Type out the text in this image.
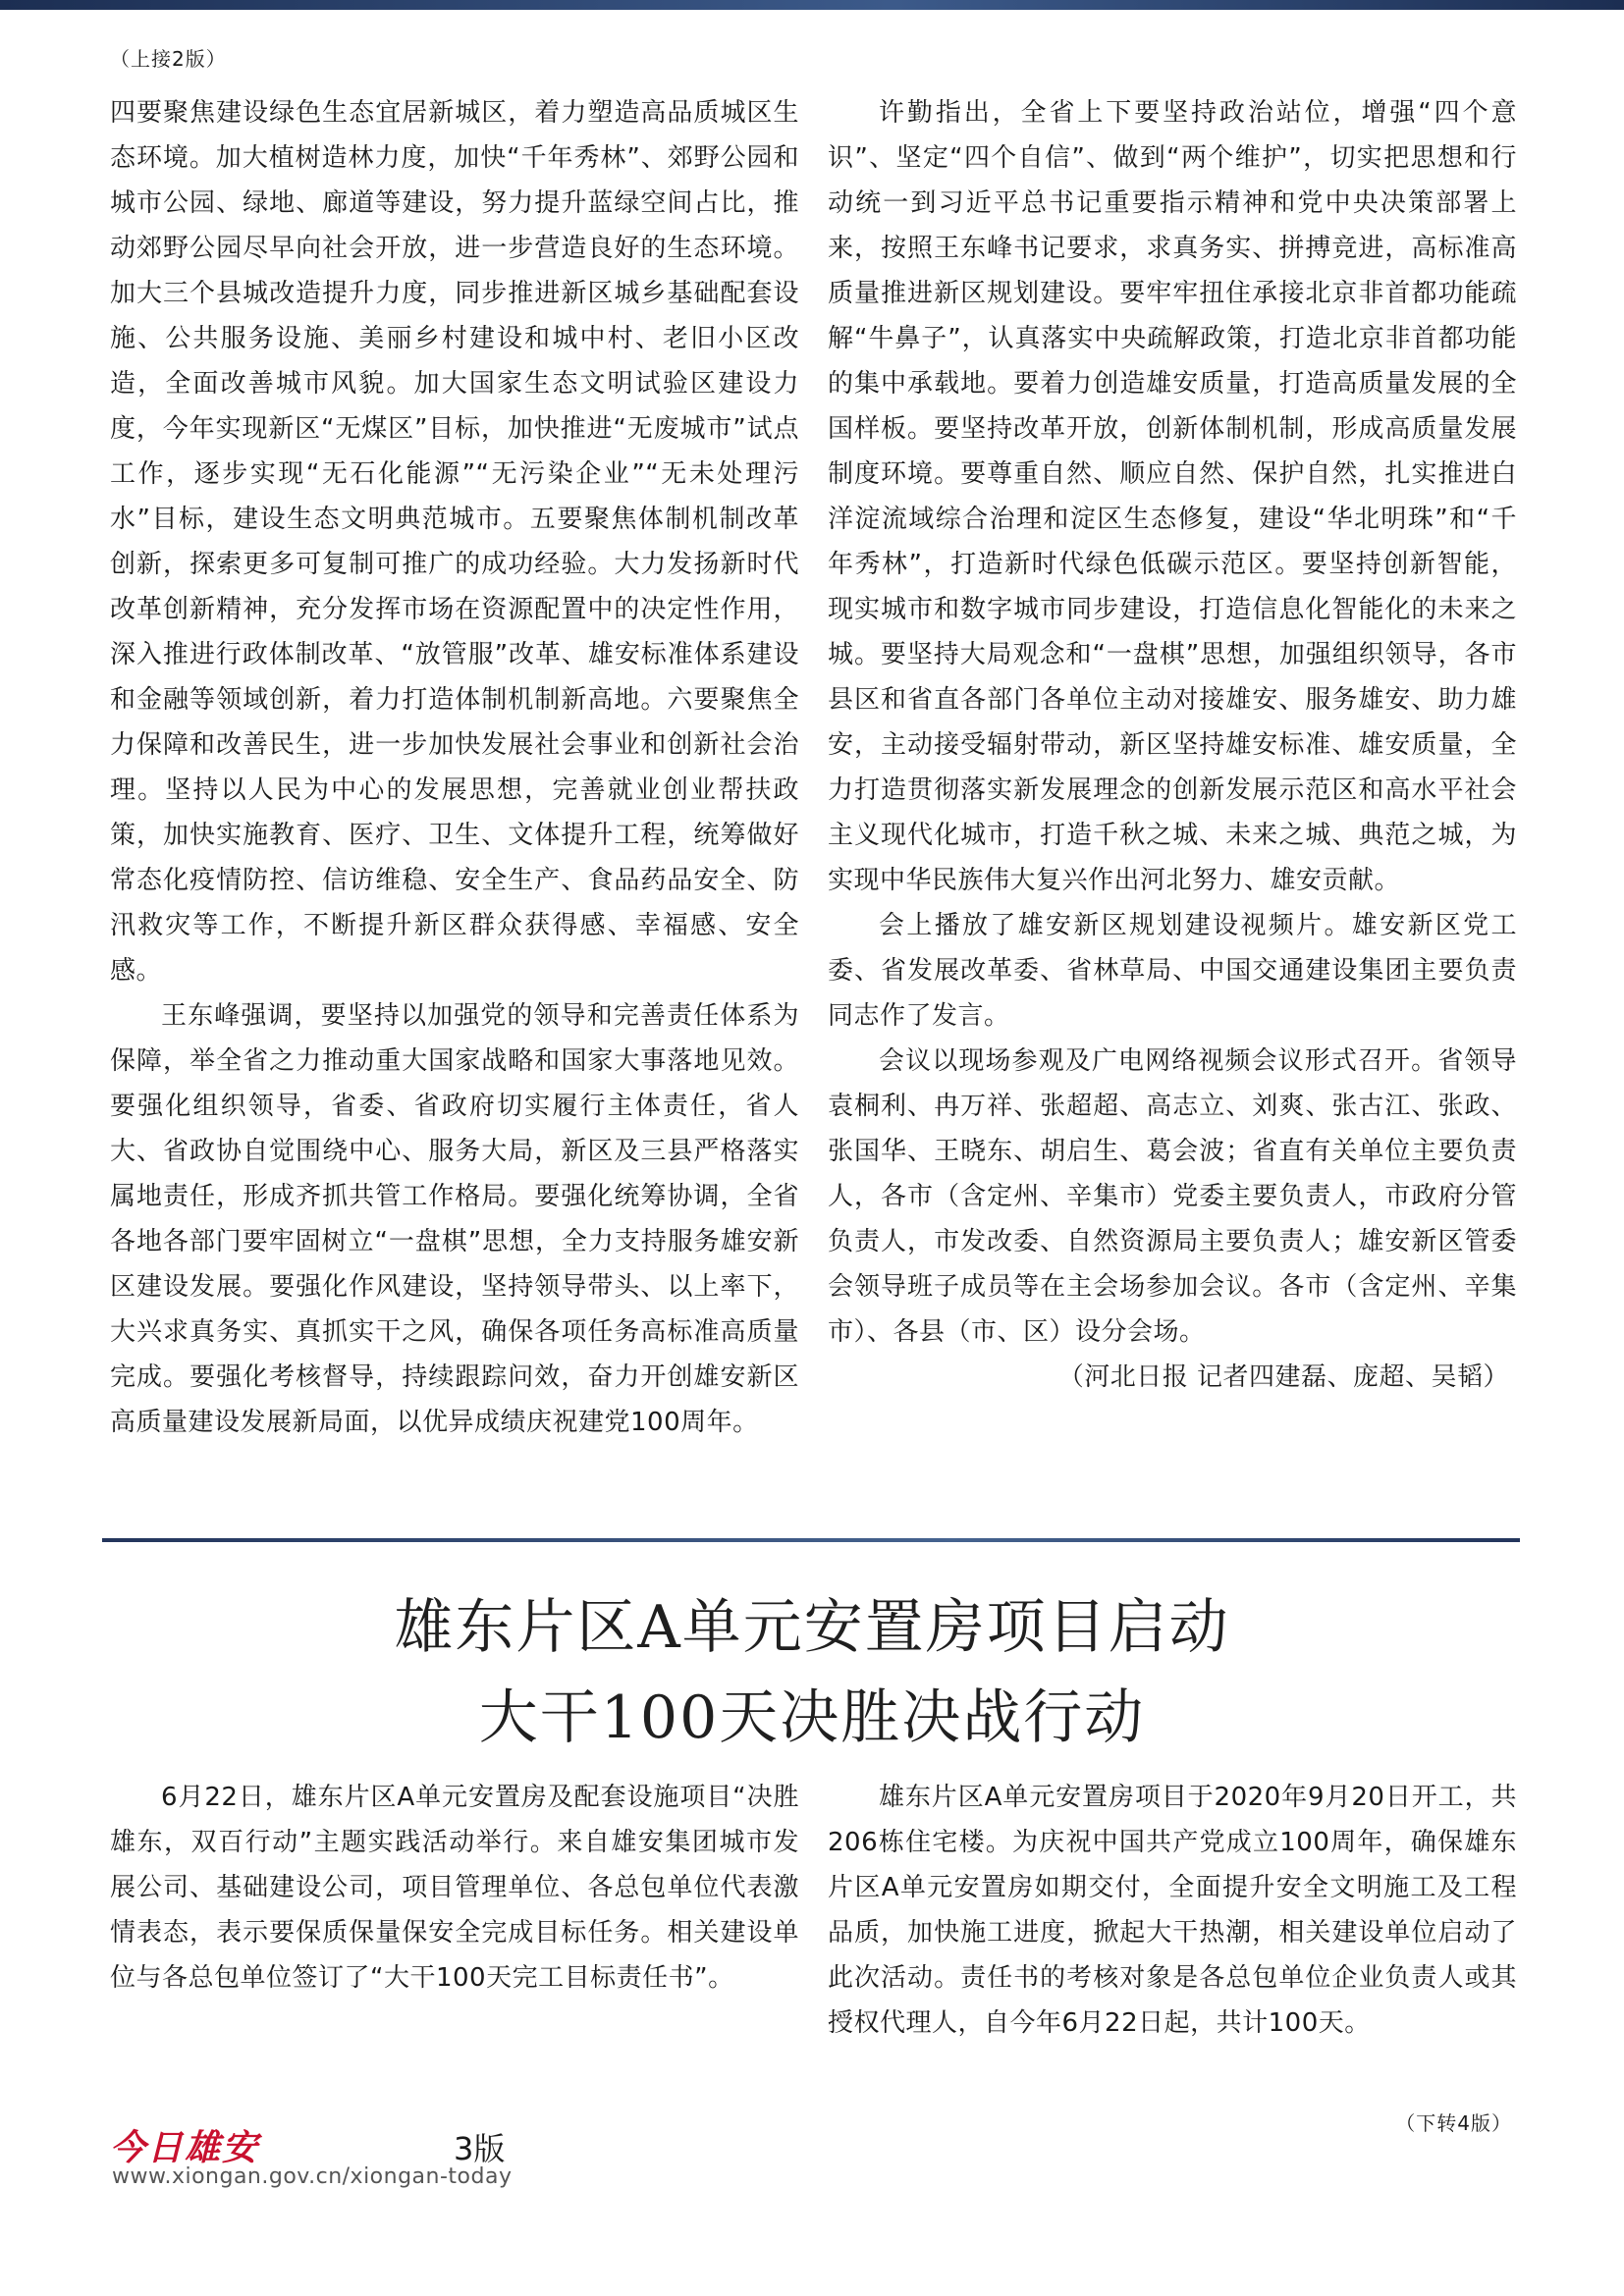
（上接2版）

四要聚焦建设绿色生态宜居新城区，着力塑造高品质城区生态环境。加大植树造林力度，加快“千年秀林”、郊野公园和城市公园、绿地、廊道等建设，努力提升蓝绿空间占比，推动郊野公园尽早向社会开放，进一步营造良好的生态环境。加大三个县城改造提升力度，同步推进新区城乡基础配套设施、公共服务设施、美丽乡村建设和城中村、老旧小区改造，全面改善城市风貌。加大国家生态文明试验区建设力度，今年实现新区“无煤区”目标，加快推进“无废城市”试点工作，逐步实现“无石化能源”“无污染企业”“无未处理污水”目标，建设生态文明典范城市。五要聚焦体制机制改革创新，探索更多可复制可推广的成功经验。大力发扬新时代改革创新精神，充分发挥市场在资源配置中的决定性作用，深入推进行政体制改革、“放管服”改革、雄安标准体系建设和金融等领域创新，着力打造体制机制新高地。六要聚焦全力保障和改善民生，进一步加快发展社会事业和创新社会治理。坚持以人民为中心的发展思想，完善就业创业帮扶政策，加快实施教育、医疗、卫生、文体提升工程，统筹做好常态化疫情防控、信访维稳、安全生产、食品药品安全、防汛救灾等工作，不断提升新区群众获得感、幸福感、安全感。

王东峰强调，要坚持以加强党的领导和完善责任体系为保障，举全省之力推动重大国家战略和国家大事落地见效。要强化组织领导，省委、省政府切实履行主体责任，省人大、省政协自觉围绕中心、服务大局，新区及三县严格落实属地责任，形成齐抓共管工作格局。要强化统筹协调，全省各地各部门要牢固树立“一盘棋”思想，全力支持服务雄安新区建设发展。要强化作风建设，坚持领导带头、以上率下，大兴求真务实、真抓实干之风，确保各项任务高标准高质量完成。要强化考核督导，持续跟踪问效，奋力开创雄安新区高质量建设发展新局面，以优异成绩庆祝建党100周年。

许勤指出，全省上下要坚持政治站位，增强“四个意识”、坚定“四个自信”、做到“两个维护”，切实把思想和行动统一到习近平总书记重要指示精神和党中央决策部署上来，按照王东峰书记要求，求真务实、拼搏竞进，高标准高质量推进新区规划建设。要牢牢扭住承接北京非首都功能疏解“牛鼻子”，认真落实中央疏解政策，打造北京非首都功能的集中承载地。要着力创造雄安质量，打造高质量发展的全国样板。要坚持改革开放，创新体制机制，形成高质量发展制度环境。要尊重自然、顺应自然、保护自然，扎实推进白洋淀流域综合治理和淀区生态修复，建设“华北明珠”和“千年秀林”，打造新时代绿色低碳示范区。要坚持创新智能，现实城市和数字城市同步建设，打造信息化智能化的未来之城。要坚持大局观念和“一盘棋”思想，加强组织领导，各市县区和省直各部门各单位主动对接雄安、服务雄安、助力雄安，主动接受辐射带动，新区坚持雄安标准、雄安质量，全力打造贯彻落实新发展理念的创新发展示范区和高水平社会主义现代化城市，打造千秋之城、未来之城、典范之城，为实现中华民族伟大复兴作出河北努力、雄安贡献。

会上播放了雄安新区规划建设视频片。雄安新区党工委、省发展改革委、省林草局、中国交通建设集团主要负责同志作了发言。

会议以现场参观及广电网络视频会议形式召开。省领导袁桐利、冉万祥、张超超、高志立、刘爽、张古江、张政、张国华、王晓东、胡启生、葛会波；省直有关单位主要负责人，各市（含定州、辛集市）党委主要负责人，市政府分管负责人，市发改委、自然资源局主要负责人；雄安新区管委会领导班子成员等在主会场参加会议。各市（含定州、辛集市）、各县（市、区）设分会场。

（河北日报 记者四建磊、庞超、吴韬）

雄东片区A单元安置房项目启动
大干100天决胜决战行动

6月22日，雄东片区A单元安置房及配套设施项目“决胜雄东，双百行动”主题实践活动举行。来自雄安集团城市发展公司、基础建设公司，项目管理单位、各总包单位代表激情表态，表示要保质保量保安全完成目标任务。相关建设单位与各总包单位签订了“大干100天完工目标责任书”。

雄东片区A单元安置房项目于2020年9月20日开工，共206栋住宅楼。为庆祝中国共产党成立100周年，确保雄东片区A单元安置房如期交付，全面提升安全文明施工及工程品质，加快施工进度，掀起大干热潮，相关建设单位启动了此次活动。责任书的考核对象是各总包单位企业负责人或其授权代理人，自今年6月22日起，共计100天。

（下转4版）
今日雄安	3版
www.xiongan.gov.cn/xiongan-today
